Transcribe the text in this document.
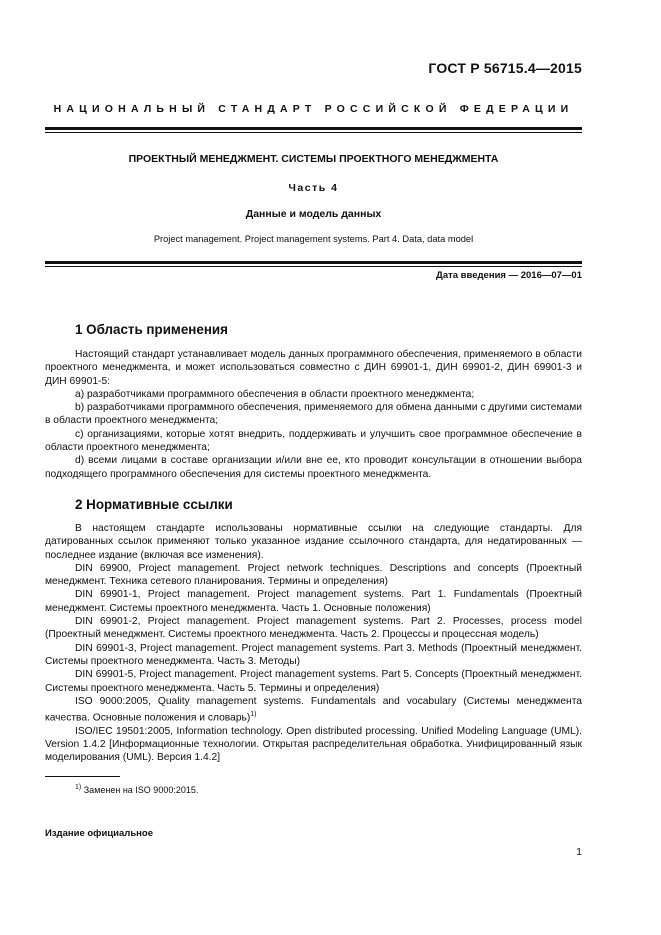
ГОСТ Р 56715.4—2015
НАЦИОНАЛЬНЫЙ СТАНДАРТ РОССИЙСКОЙ ФЕДЕРАЦИИ
ПРОЕКТНЫЙ МЕНЕДЖМЕНТ. СИСТЕМЫ ПРОЕКТНОГО МЕНЕДЖМЕНТА
Часть 4
Данные и модель данных
Project management. Project management systems. Part 4. Data, data model
Дата введения — 2016—07—01
1 Область применения

Настоящий стандарт устанавливает модель данных программного обеспечения, применяемого в области проектного менеджмента, и может использоваться совместно с ДИН 69901-1, ДИН 69901-2, ДИН 69901-3 и ДИН 69901-5:

a) разработчиками программного обеспечения в области проектного менеджмента;

b) разработчиками программного обеспечения, применяемого для обмена данными с другими системами в области проектного менеджмента;

c) организациями, которые хотят внедрить, поддерживать и улучшить свое программное обеспечение в области проектного менеджмента;

d) всеми лицами в составе организации и/или вне ее, кто проводит консультации в отношении выбора подходящего программного обеспечения для системы проектного менеджмента.

2 Нормативные ссылки

В настоящем стандарте использованы нормативные ссылки на следующие стандарты. Для датированных ссылок применяют только указанное издание ссылочного стандарта, для недатированных — последнее издание (включая все изменения).

DIN 69900, Project management. Project network techniques. Descriptions and concepts (Проектный менеджмент. Техника сетевого планирования. Термины и определения)

DIN 69901-1, Project management. Project management systems. Part 1. Fundamentals (Проектный менеджмент. Системы проектного менеджмента. Часть 1. Основные положения)

DIN 69901-2, Project management. Project management systems. Part 2. Processes, process model (Проектный менеджмент. Системы проектного менеджмента. Часть 2. Процессы и процессная модель)

DIN 69901-3, Project management. Project management systems. Part 3. Methods (Проектный менеджмент. Системы проектного менеджмента. Часть 3. Методы)

DIN 69901-5, Project management. Project management systems. Part 5. Concepts (Проектный менеджмент. Системы проектного менеджмента. Часть 5. Термины и определения)

ISO 9000:2005, Quality management systems. Fundamentals and vocabulary (Системы менеджмента качества. Основные положения и словарь)$^{1)}$

ISO/IEC 19501:2005, Information technology. Open distributed processing. Unified Modeling Language (UML). Version 1.4.2 [Информационные технологии. Открытая распределительная обработка. Унифицированный язык моделирования (UML). Версия 1.4.2]

$^{1)}$ Заменен на ISO 9000:2015.
Издание официальное
1
